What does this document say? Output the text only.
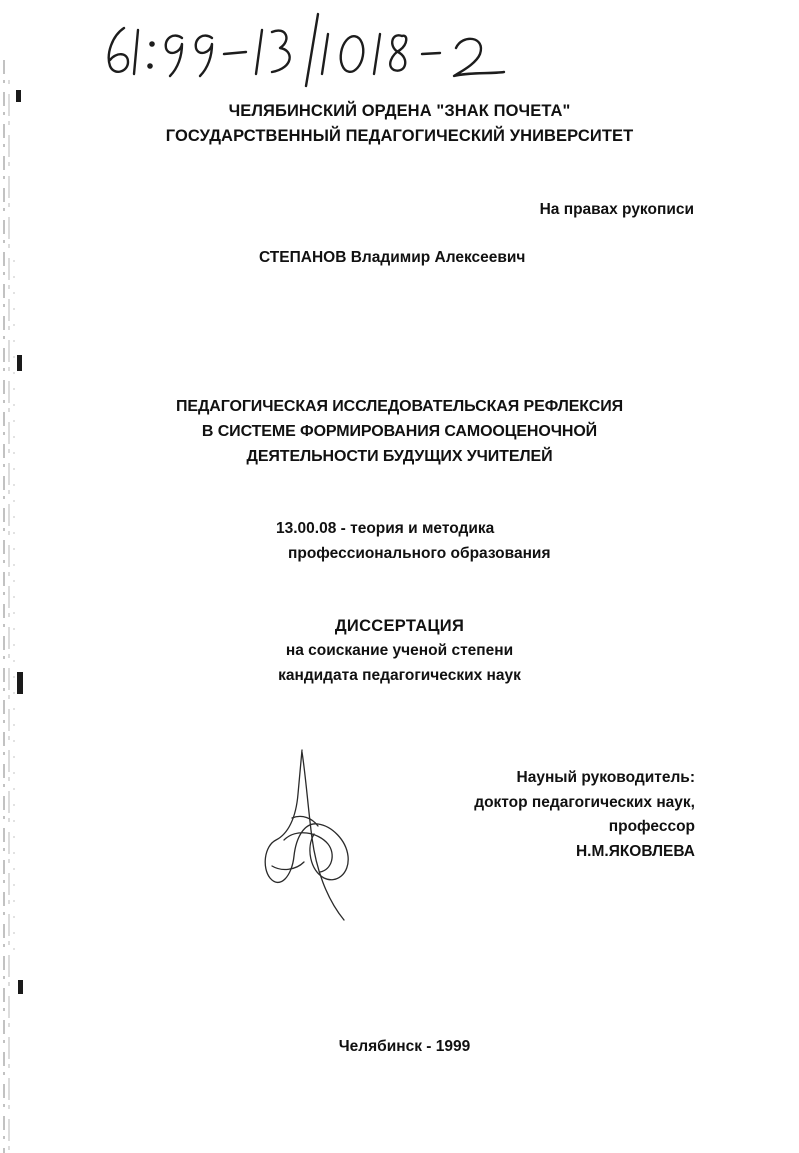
ЧЕЛЯБИНСКИЙ ОРДЕНА "ЗНАК ПОЧЕТА"
ГОСУДАРСТВЕННЫЙ ПЕДАГОГИЧЕСКИЙ УНИВЕРСИТЕТ
На правах рукописи
СТЕПАНОВ Владимир Алексеевич
ПЕДАГОГИЧЕСКАЯ ИССЛЕДОВАТЕЛЬСКАЯ РЕФЛЕКСИЯ
В СИСТЕМЕ ФОРМИРОВАНИЯ САМООЦЕНОЧНОЙ
ДЕЯТЕЛЬНОСТИ БУДУЩИХ УЧИТЕЛЕЙ
13.00.08 - теория и методика
профессионального образования
ДИССЕРТАЦИЯ
на соискание ученой степени
кандидата педагогических наук
Науный руководитель:
доктор педагогических наук,
профессор
Н.М.ЯКОВЛЕВА
Челябинск - 1999
